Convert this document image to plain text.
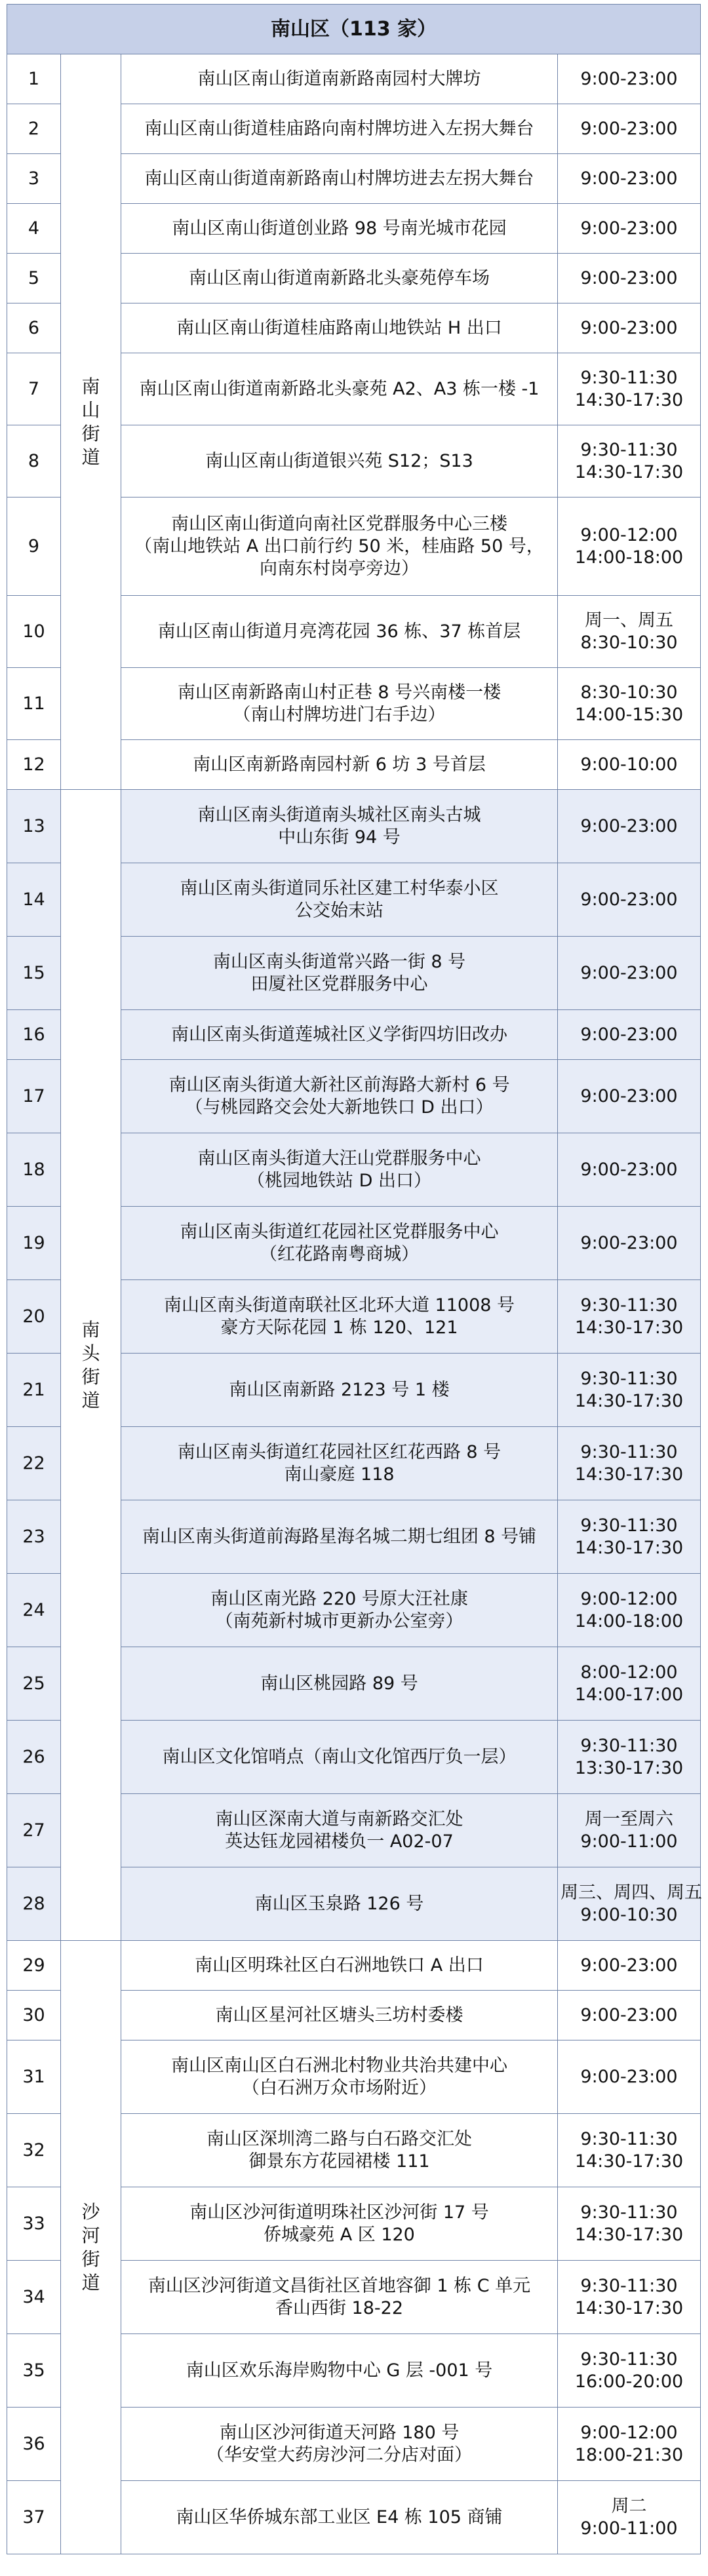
南山区（113 家）			
1	南山街道	南山区南山街道南新路南园村大牌坊	9:00-23:00

2		南山区南山街道桂庙路向南村牌坊进入左拐大舞台	9:00-23:00

3		南山区南山街道南新路南山村牌坊进去左拐大舞台	9:00-23:00

4		南山区南山街道创业路 98 号南光城市花园	9:00-23:00

5		南山区南山街道南新路北头豪苑停车场	9:00-23:00

6		南山区南山街道桂庙路南山地铁站 H 出口	9:00-23:00

7		南山区南山街道南新路北头豪苑 A2、A3 栋一楼 -1	9:30-11:30
14:30-17:30

8		南山区南山街道银兴苑 S12；S13	9:30-11:30
14:30-17:30

9		南山区南山街道向南社区党群服务中心三楼
（南山地铁站 A 出口前行约 50 米，桂庙路 50 号，
向南东村岗亭旁边）	9:00-12:00
14:00-18:00

10		南山区南山街道月亮湾花园 36 栋、37 栋首层	周一、周五
8:30-10:30

11		南山区南新路南山村正巷 8 号兴南楼一楼
（南山村牌坊进门右手边）	8:30-10:30
14:00-15:30

12		南山区南新路南园村新 6 坊 3 号首层	9:00-10:00

13	南头街道	南山区南头街道南头城社区南头古城
中山东街 94 号	9:00-23:00

14		南山区南头街道同乐社区建工村华泰小区
公交始末站	9:00-23:00

15		南山区南头街道常兴路一街 8 号
田厦社区党群服务中心	9:00-23:00

16		南山区南头街道莲城社区义学街四坊旧改办	9:00-23:00

17		南山区南头街道大新社区前海路大新村 6 号
（与桃园路交会处大新地铁口 D 出口）	9:00-23:00

18		南山区南头街道大汪山党群服务中心
（桃园地铁站 D 出口）	9:00-23:00

19		南山区南头街道红花园社区党群服务中心
（红花路南粤商城）	9:00-23:00

20		南山区南头街道南联社区北环大道 11008 号
豪方天际花园 1 栋 120、121	9:30-11:30
14:30-17:30

21		南山区南新路 2123 号 1 楼	9:30-11:30
14:30-17:30

22		南山区南头街道红花园社区红花西路 8 号
南山豪庭 118	9:30-11:30
14:30-17:30

23		南山区南头街道前海路星海名城二期七组团 8 号铺	9:30-11:30
14:30-17:30

24		南山区南光路 220 号原大汪社康
（南苑新村城市更新办公室旁）	9:00-12:00
14:00-18:00

25		南山区桃园路 89 号	8:00-12:00
14:00-17:00

26		南山区文化馆哨点（南山文化馆西厅负一层）	9:30-11:30
13:30-17:30

27		南山区深南大道与南新路交汇处
英达钰龙园裙楼负一 A02-07	周一至周六
9:00-11:00

28		南山区玉泉路 126 号	周三、周四、周五
9:00-10:30

29	沙河街道	南山区明珠社区白石洲地铁口 A 出口	9:00-23:00

30		南山区星河社区塘头三坊村委楼	9:00-23:00

31		南山区南山区白石洲北村物业共治共建中心
（白石洲万众市场附近）	9:00-23:00

32		南山区深圳湾二路与白石路交汇处
御景东方花园裙楼 111	9:30-11:30
14:30-17:30

33		南山区沙河街道明珠社区沙河街 17 号
侨城豪苑 A 区 120	9:30-11:30
14:30-17:30

34		南山区沙河街道文昌街社区首地容御 1 栋 C 单元
香山西街 18-22	9:30-11:30
14:30-17:30

35		南山区欢乐海岸购物中心 G 层 -001 号	9:30-11:30
16:00-20:00

36		南山区沙河街道天河路 180 号
（华安堂大药房沙河二分店对面）	9:00-12:00
18:00-21:30

37		南山区华侨城东部工业区 E4 栋 105 商铺	周二
9:00-11:00
